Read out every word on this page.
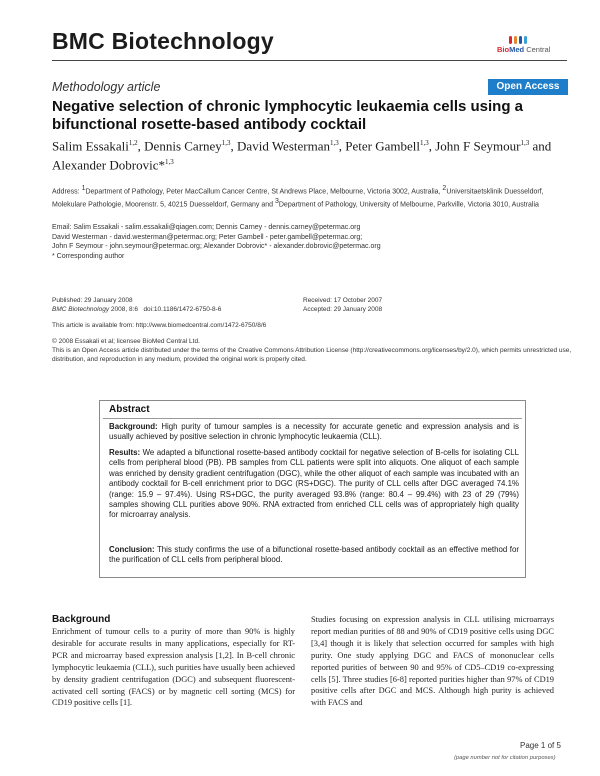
BMC Biotechnology	BioMed Central
Methodology article	Open Access
Negative selection of chronic lymphocytic leukaemia cells using a bifunctional rosette-based antibody cocktail
Salim Essakali$^{1,2}$, Dennis Carney$^{1,3}$, David Westerman$^{1,3}$, Peter Gambell$^{1,3}$, John F Seymour$^{1,3}$ and Alexander Dobrovic*$^{1,3}$
Address: $^1$Department of Pathology, Peter MacCallum Cancer Centre, St Andrews Place, Melbourne, Victoria 3002, Australia, $^2$Universitaetsklinik Duesseldorf, Molekulare Pathologie, Moorenstr. 5, 40215 Duesseldorf, Germany and $^3$Department of Pathology, University of Melbourne, Parkville, Victoria 3010, Australia
Email: Salim Essakali - salim.essakali@qiagen.com; Dennis Carney - dennis.carney@petermac.org
David Westerman - david.westerman@petermac.org; Peter Gambell - peter.gambell@petermac.org;
John F Seymour - john.seymour@petermac.org; Alexander Dobrovic* - alexander.dobrovic@petermac.org
* Corresponding author
Published: 29 January 2008
BMC Biotechnology 2008, 8:6 doi:10.1186/1472-6750-8-6
Received: 17 October 2007
Accepted: 29 January 2008
This article is available from: http://www.biomedcentral.com/1472-6750/8/6
© 2008 Essakali et al; licensee BioMed Central Ltd.
This is an Open Access article distributed under the terms of the Creative Commons Attribution License (http://creativecommons.org/licenses/by/2.0), which permits unrestricted use, distribution, and reproduction in any medium, provided the original work is properly cited.
Abstract
Background: High purity of tumour samples is a necessity for accurate genetic and expression analysis and is usually achieved by positive selection in chronic lymphocytic leukaemia (CLL).
Results: We adapted a bifunctional rosette-based antibody cocktail for negative selection of B-cells for isolating CLL cells from peripheral blood (PB). PB samples from CLL patients were split into aliquots. One aliquot of each sample was enriched by density gradient centrifugation (DGC), while the other aliquot of each sample was incubated with an antibody cocktail for B-cell enrichment prior to DGC (RS+DGC). The purity of CLL cells after DGC averaged 74.1% (range: 15.9 – 97.4%). Using RS+DGC, the purity averaged 93.8% (range: 80.4 – 99.4%) with 23 of 29 (79%) samples showing CLL purities above 90%. RNA extracted from enriched CLL cells was of appropriately high quality for microarray analysis.
Conclusion: This study confirms the use of a bifunctional rosette-based antibody cocktail as an effective method for the purification of CLL cells from peripheral blood.
Background
Enrichment of tumour cells to a purity of more than 90% is highly desirable for accurate results in many applications, especially for RT-PCR and microarray based expression analysis [1,2]. In B-cell chronic lymphocytic leukaemia (CLL), such purities have usually been achieved by density gradient centrifugation (DGC) and subsequent fluorescent-activated cell sorting (FACS) or by magnetic cell sorting (MCS) for CD19 positive cells [1].
Studies focusing on expression analysis in CLL utilising microarrays report median purities of 88 and 90% of CD19 positive cells using DGC [3,4] though it is likely that selection occurred for samples with high purity. One study applying DGC and FACS of mononuclear cells reported purities of between 90 and 95% of CD5–CD19 co-expressing cells [5]. Three studies [6-8] reported purities higher than 97% of CD19 positive cells after DGC and MCS. Although high purity is achieved with FACS and
Page 1 of 5
(page number not for citation purposes)
